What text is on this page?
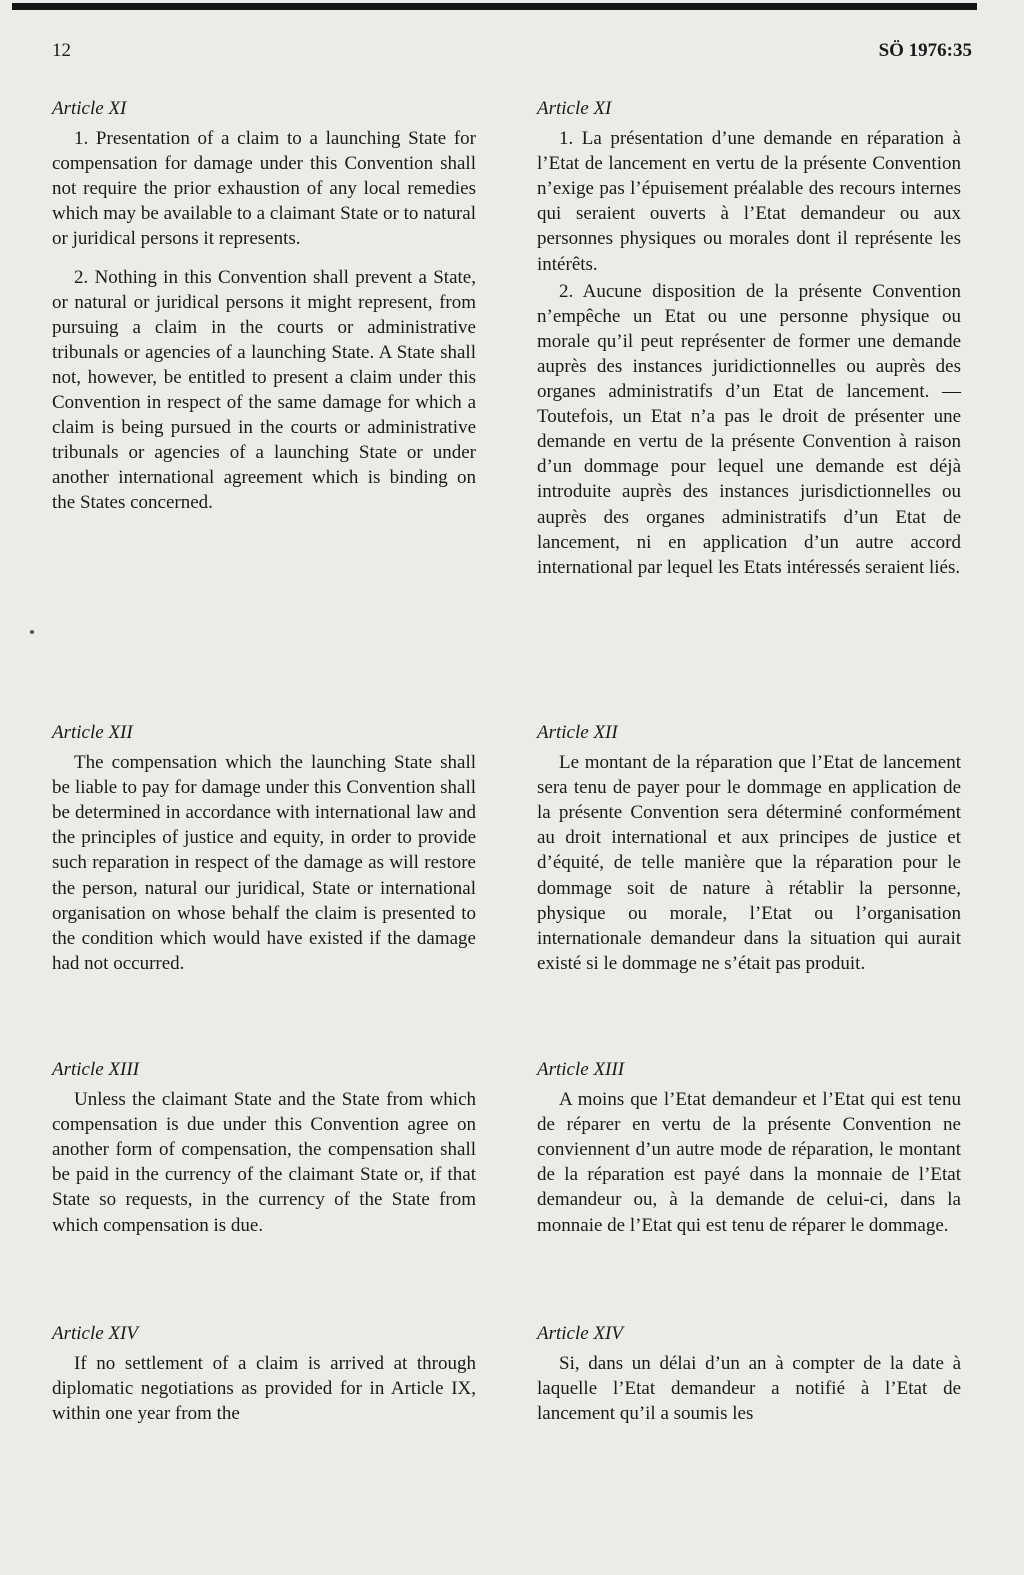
12	SÖ 1976:35
Article XI

1. Presentation of a claim to a launching State for compensation for damage under this Convention shall not require the prior exhaustion of any local remedies which may be available to a claimant State or to natural or juridical persons it represents.

2. Nothing in this Convention shall prevent a State, or natural or juridical persons it might represent, from pursuing a claim in the courts or administrative tribunals or agencies of a launching State. A State shall not, however, be entitled to present a claim under this Convention in respect of the same damage for which a claim is being pursued in the courts or administrative tribunals or agencies of a launching State or under another international agreement which is binding on the States concerned.

Article XII

The compensation which the launching State shall be liable to pay for damage under this Convention shall be determined in accordance with international law and the principles of justice and equity, in order to provide such reparation in respect of the damage as will restore the person, natural our juridical, State or international organisation on whose behalf the claim is presented to the condition which would have existed if the damage had not occurred.

Article XIII

Unless the claimant State and the State from which compensation is due under this Convention agree on another form of compensation, the compensation shall be paid in the currency of the claimant State or, if that State so requests, in the currency of the State from which compensation is due.

Article XIV

If no settlement of a claim is arrived at through diplomatic negotiations as provided for in Article IX, within one year from the

Article XI

1. La présentation d’une demande en réparation à l’Etat de lancement en vertu de la présente Convention n’exige pas l’épuisement préalable des recours internes qui seraient ouverts à l’Etat demandeur ou aux personnes physiques ou morales dont il représente les intérêts.

2. Aucune disposition de la présente Convention n’empêche un Etat ou une personne physique ou morale qu’il peut représenter de former une demande auprès des instances juridictionnelles ou auprès des organes administratifs d’un Etat de lancement. — Toutefois, un Etat n’a pas le droit de présenter une demande en vertu de la présente Convention à raison d’un dommage pour lequel une demande est déjà introduite auprès des instances jurisdictionnelles ou auprès des organes administratifs d’un Etat de lancement, ni en application d’un autre accord international par lequel les Etats intéressés seraient liés.

Article XII

Le montant de la réparation que l’Etat de lancement sera tenu de payer pour le dommage en application de la présente Convention sera déterminé conformément au droit international et aux principes de justice et d’équité, de telle manière que la réparation pour le dommage soit de nature à rétablir la personne, physique ou morale, l’Etat ou l’organisation internationale demandeur dans la situation qui aurait existé si le dommage ne s’était pas produit.

Article XIII

A moins que l’Etat demandeur et l’Etat qui est tenu de réparer en vertu de la présente Convention ne conviennent d’un autre mode de réparation, le montant de la réparation est payé dans la monnaie de l’Etat demandeur ou, à la demande de celui-ci, dans la monnaie de l’Etat qui est tenu de réparer le dommage.

Article XIV

Si, dans un délai d’un an à compter de la date à laquelle l’Etat demandeur a notifié à l’Etat de lancement qu’il a soumis les
